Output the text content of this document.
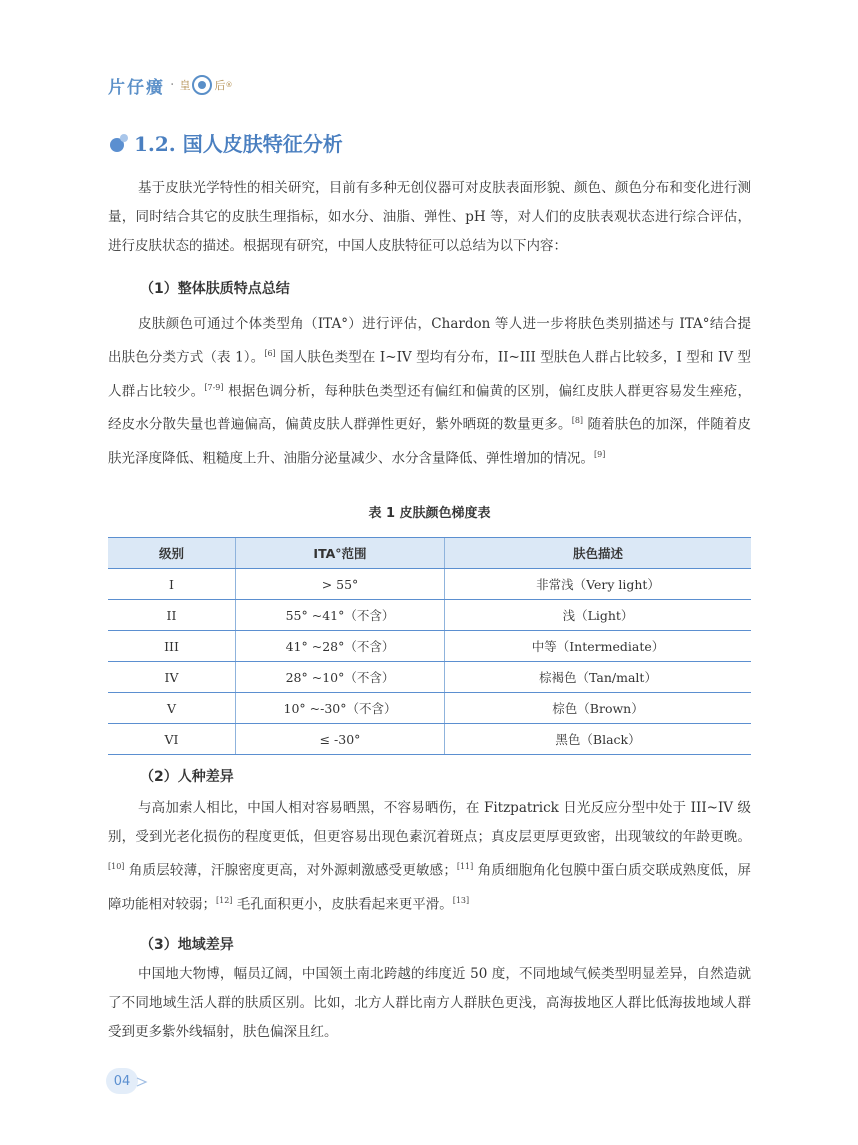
片仔癀 · 皇 后 ®
1.2. 国人皮肤特征分析

基于皮肤光学特性的相关研究，目前有多种无创仪器可对皮肤表面形貌、颜色、颜色分布和变化进行测量，同时结合其它的皮肤生理指标，如水分、油脂、弹性、pH 等，对人们的皮肤表观状态进行综合评估，进行皮肤状态的描述。根据现有研究，中国人皮肤特征可以总结为以下内容：

（1）整体肤质特点总结

皮肤颜色可通过个体类型角（ITA°）进行评估，Chardon 等人进一步将肤色类别描述与 ITA°结合提出肤色分类方式（表 1）。[6] 国人肤色类型在 I~IV 型均有分布，II~III 型肤色人群占比较多，I 型和 IV 型人群占比较少。[7-9] 根据色调分析，每种肤色类型还有偏红和偏黄的区别，偏红皮肤人群更容易发生痤疮，经皮水分散失量也普遍偏高，偏黄皮肤人群弹性更好，紫外晒斑的数量更多。[8] 随着肤色的加深，伴随着皮肤光泽度降低、粗糙度上升、油脂分泌量减少、水分含量降低、弹性增加的情况。[9]

表 1 皮肤颜色梯度表
级别	ITA°范围	肤色描述
I	> 55°	非常浅（Very light）
II	55° ~41°（不含）	浅（Light）
III	41° ~28°（不含）	中等（Intermediate）
IV	28° ~10°（不含）	棕褐色（Tan/malt）
V	10° ~-30°（不含）	棕色（Brown）
VI	≤ -30°	黑色（Black）

（2）人种差异

与高加索人相比，中国人相对容易晒黑，不容易晒伤，在 Fitzpatrick 日光反应分型中处于 III~IV 级别，受到光老化损伤的程度更低，但更容易出现色素沉着斑点；真皮层更厚更致密，出现皱纹的年龄更晚。[10] 角质层较薄，汗腺密度更高，对外源刺激感受更敏感；[11] 角质细胞角化包膜中蛋白质交联成熟度低，屏障功能相对较弱；[12] 毛孔面积更小，皮肤看起来更平滑。[13]

（3）地域差异

中国地大物博，幅员辽阔，中国领土南北跨越的纬度近 50 度，不同地域气候类型明显差异，自然造就了不同地域生活人群的肤质区别。比如，北方人群比南方人群肤色更浅，高海拔地区人群比低海拔地域人群受到更多紫外线辐射，肤色偏深且红。

04
